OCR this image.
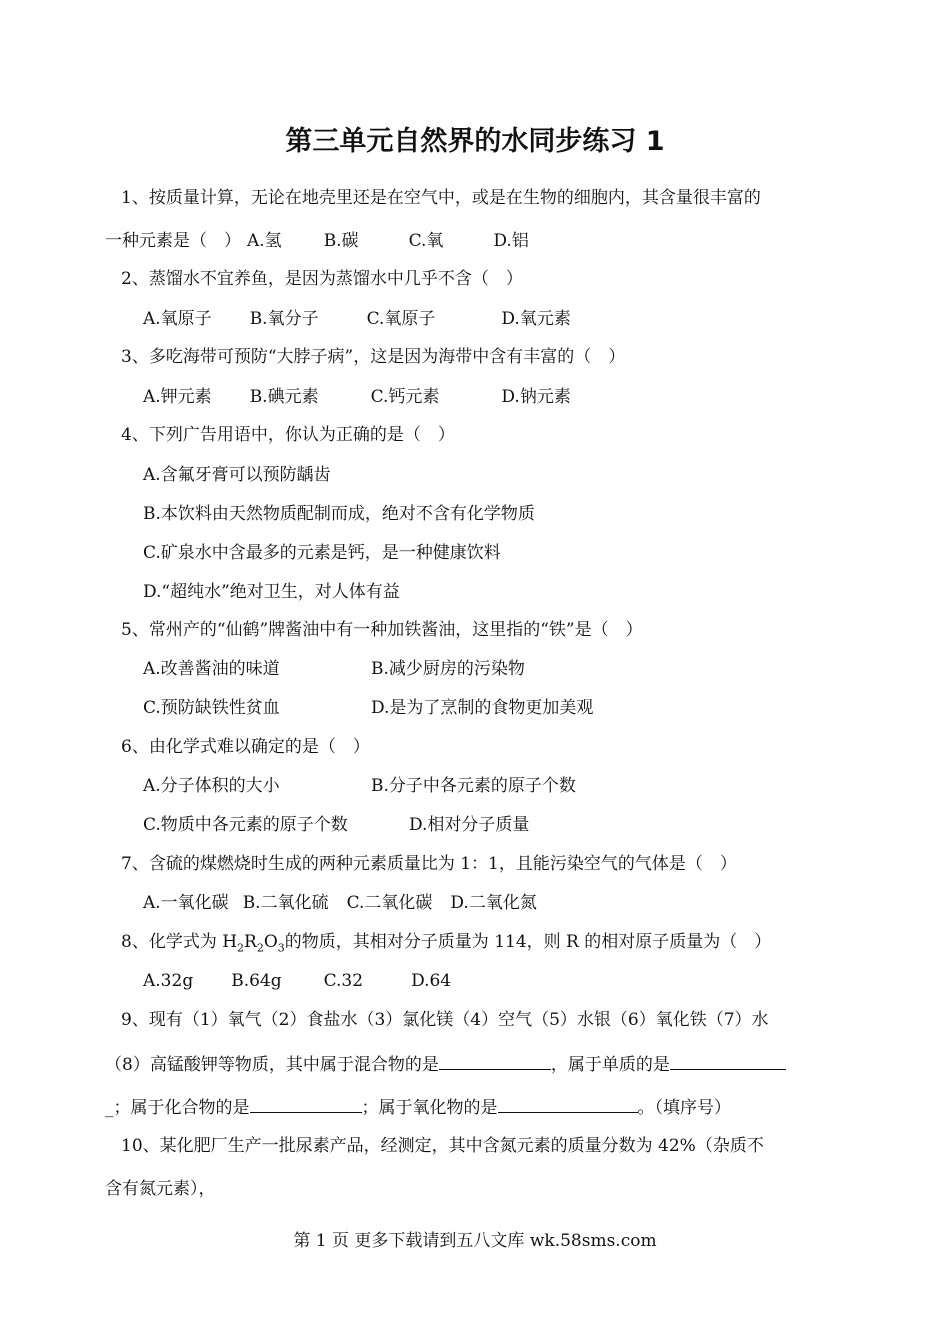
第三单元自然界的水同步练习 1
1、按质量计算，无论在地壳里还是在空气中，或是在生物的细胞内，其含量很丰富的
一种元素是（　） A.氢 B.碳	C.氧	D.铝
2、蒸馏水不宜养鱼，是因为蒸馏水中几乎不含（　）
A.氧原子 B.氧分子	C.氧原子	D.氧元素
3、多吃海带可预防“大脖子病”，这是因为海带中含有丰富的（　）
A.钾元素 B.碘元素	C.钙元素	D.钠元素
4、下列广告用语中，你认为正确的是（　）
A.含氟牙膏可以预防龋齿
B.本饮料由天然物质配制而成，绝对不含有化学物质
C.矿泉水中含最多的元素是钙，是一种健康饮料
D.“超纯水”绝对卫生，对人体有益
5、常州产的“仙鹤”牌酱油中有一种加铁酱油，这里指的“铁”是（　）
A.改善酱油的味道	B.减少厨房的污染物
C.预防缺铁性贫血	D.是为了烹制的食物更加美观
6、由化学式难以确定的是（　）
A.分子体积的大小	B.分子中各元素的原子个数
C.物质中各元素的原子个数	D.相对分子质量
7、含硫的煤燃烧时生成的两种元素质量比为 1：1，且能污染空气的气体是（　）
A.一氧化碳 B.二氧化硫 C.二氧化碳 D.二氧化氮
8、化学式为 $H_2R_2O_3$的物质，其相对分子质量为 114，则 R 的相对原子质量为（　）
A.32g B.64g C.32	D.64
9、现有（1）氧气（2）食盐水（3）氯化镁（4）空气（5）水银（6）氧化铁（7）水
（8）高锰酸钾等物质，其中属于混合物的是	，属于单质的是
_；属于化合物的是	；属于氧化物的是	。（填序号）
10、某化肥厂生产一批尿素产品，经测定，其中含氮元素的质量分数为 42%（杂质不
含有氮元素），
第 1 页 更多下载请到五八文库 wk.58sms.com
